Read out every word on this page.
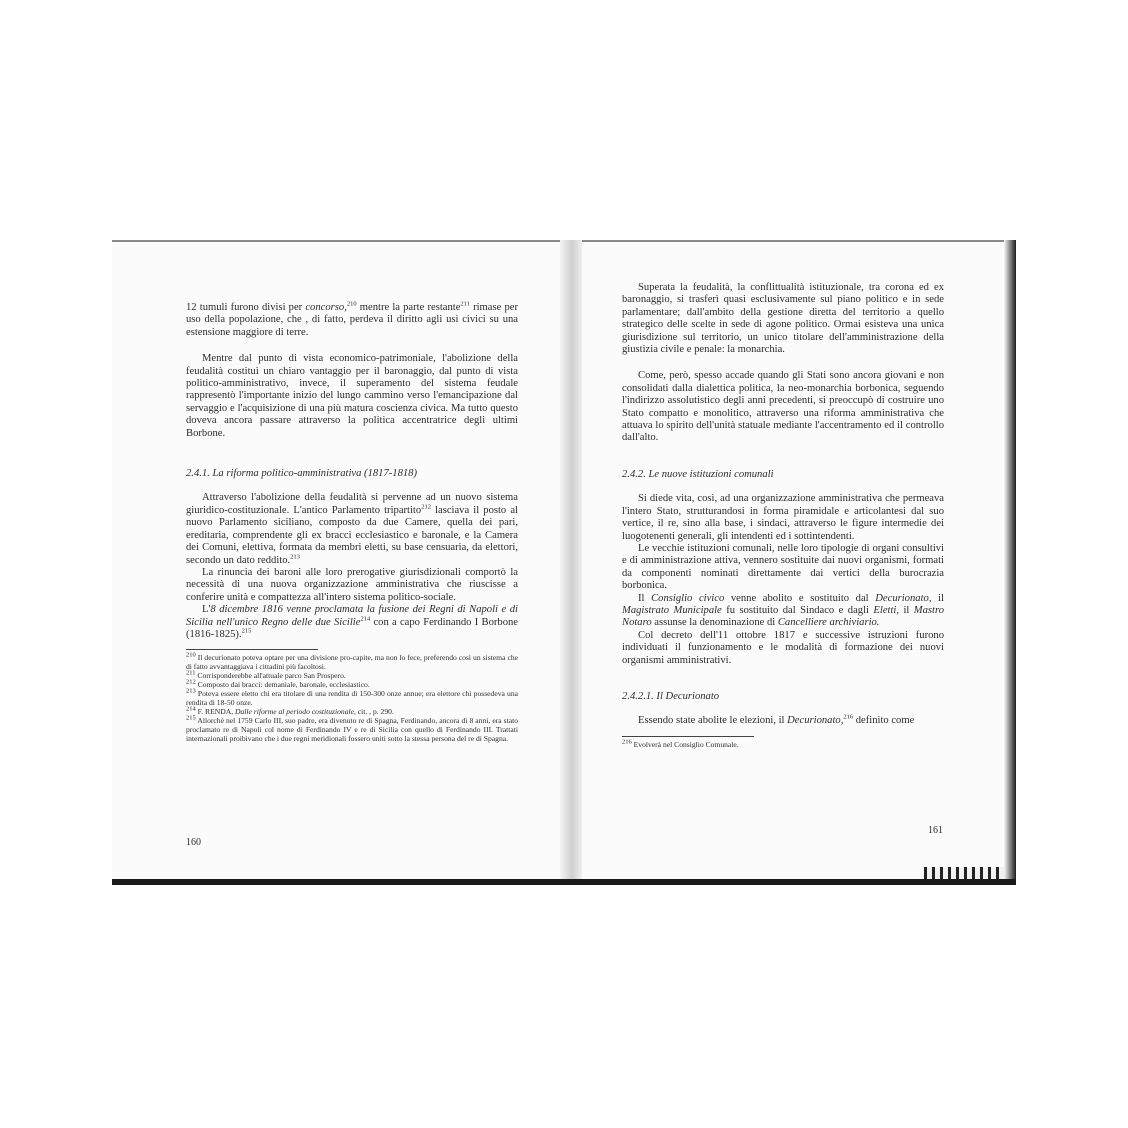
12 tumuli furono divisi per concorso,$^{210}$ mentre la parte restante$^{211}$ rimase per uso della popolazione, che , di fatto, perdeva il diritto agli usi civici su una estensione maggiore di terre.

Mentre dal punto di vista economico-patrimoniale, l'abolizione della feudalità costituì un chiaro vantaggio per il baronaggio, dal punto di vista politico-amministrativo, invece, il superamento del sistema feudale rappresentò l'importante inizio del lungo cammino verso l'emancipazione dal servaggio e l'acquisizione di una più matura coscienza civica. Ma tutto questo doveva ancora passare attraverso la politica accentratrice degli ultimi Borbone.

2.4.1. La riforma politico-amministrativa (1817-1818)

Attraverso l'abolizione della feudalità si pervenne ad un nuovo sistema giuridico-costituzionale. L'antico Parlamento tripartito$^{212}$ lasciava il posto al nuovo Parlamento siciliano, composto da due Camere, quella dei pari, ereditaria, comprendente gli ex bracci ecclesiastico e baronale, e la Camera dei Comuni, elettiva, formata da membri eletti, su base censuaria, da elettori, secondo un dato reddito.$^{213}$

La rinuncia dei baroni alle loro prerogative giurisdizionali comportò la necessità di una nuova organizzazione amministrativa che riuscisse a conferire unità e compattezza all'intero sistema politico-sociale.

L'8 dicembre 1816 venne proclamata la fusione dei Regni di Napoli e di Sicilia nell'unico Regno delle due Sicilie$^{214}$ con a capo Ferdinando I Borbone (1816-1825).$^{215}$

$^{210}$ Il decurionato poteva optare per una divisione pro-capite, ma non lo fece, preferendo così un sistema che di fatto avvantaggiava i cittadini più facoltosi.

$^{211}$ Corrisponderebbe all'attuale parco San Prospero.

$^{212}$ Composto dai bracci: demaniale, baronale, ecclesiastico.

$^{213}$ Poteva essere eletto chi era titolare di una rendita di 150-300 onze annue; era elettore chi possedeva una rendita di 18-50 onze.

$^{214}$ F. RENDA, Dalle riforme al periodo costituzionale, cit. , p. 290.

$^{215}$ Allorché nel 1759 Carlo III, suo padre, era divenuto re di Spagna, Ferdinando, ancora di 8 anni, era stato proclamato re di Napoli col nome di Ferdinando IV e re di Sicilia con quello di Ferdinando III. Trattati internazionali proibivano che i due regni meridionali fossero uniti sotto la stessa persona del re di Spagna.

160

Superata la feudalità, la conflittualità istituzionale, tra corona ed ex baronaggio, si trasferì quasi esclusivamente sul piano politico e in sede parlamentare; dall'ambito della gestione diretta del territorio a quello strategico delle scelte in sede di agone politico. Ormai esisteva una unica giurisdizione sul territorio, un unico titolare dell'amministrazione della giustizia civile e penale: la monarchia.

Come, però, spesso accade quando gli Stati sono ancora giovani e non consolidati dalla dialettica politica, la neo-monarchia borbonica, seguendo l'indirizzo assolutistico degli anni precedenti, si preoccupò di costruire uno Stato compatto e monolitico, attraverso una riforma amministrativa che attuava lo spirito dell'unità statuale mediante l'accentramento ed il controllo dall'alto.

2.4.2. Le nuove istituzioni comunali

Si diede vita, così, ad una organizzazione amministrativa che permeava l'intero Stato, strutturandosi in forma piramidale e articolantesi dal suo vertice, il re, sino alla base, i sindaci, attraverso le figure intermedie dei luogotenenti generali, gli intendenti ed i sottintendenti.

Le vecchie istituzioni comunali, nelle loro tipologie di organi consultivi e di amministrazione attiva, vennero sostituite dai nuovi organismi, formati da componenti nominati direttamente dai vertici della burocrazia borbonica.

Il Consiglio civico venne abolito e sostituito dal Decurionato, il Magistrato Municipale fu sostituito dal Sindaco e dagli Eletti, il Mastro Notaro assunse la denominazione di Cancelliere archiviario.

Col decreto dell'11 ottobre 1817 e successive istruzioni furono individuati il funzionamento e le modalità di formazione dei nuovi organismi amministrativi.

2.4.2.1. Il Decurionato

Essendo state abolite le elezioni, il Decurionato,$^{216}$ definito come

$^{216}$ Evolverà nel Consiglio Comunale.

161
